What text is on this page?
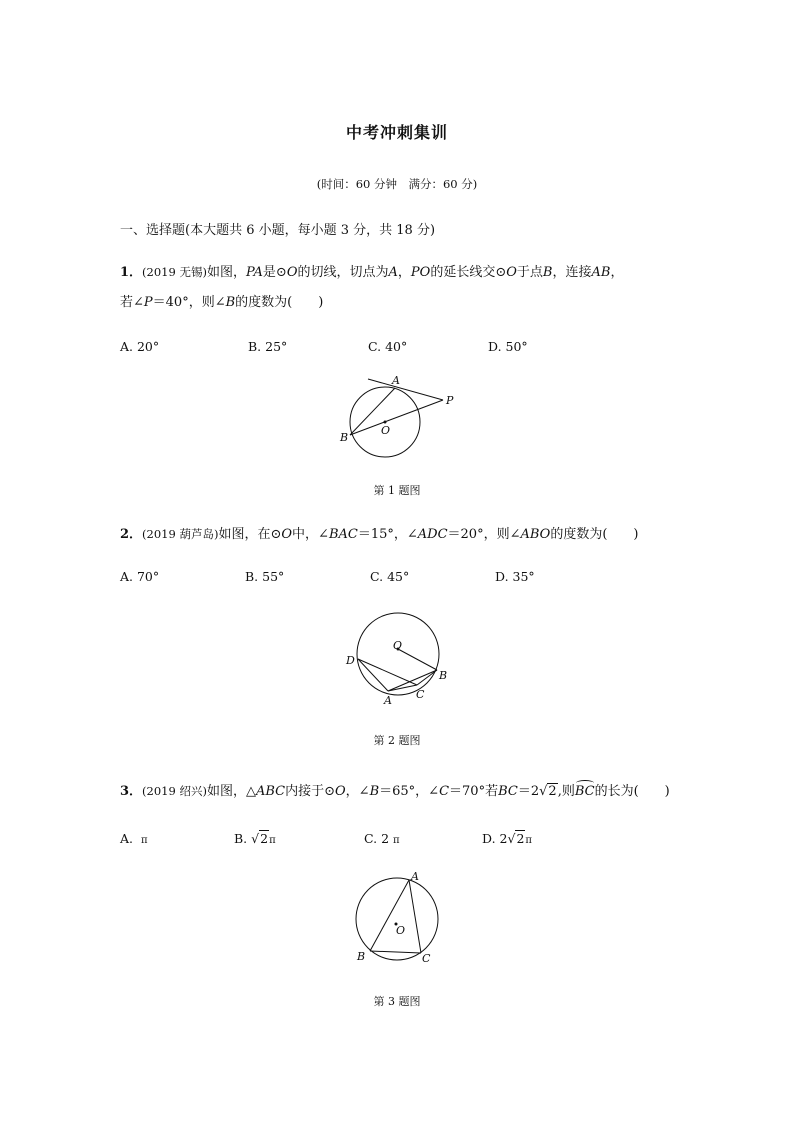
中考冲刺集训
(时间：60 分钟　满分：60 分)
一、选择题(本大题共 6 小题，每小题 3 分，共 18 分)
1．(2019 无锡)如图，PA是⊙O的切线，切点为A，PO的延长线交⊙O于点B，连接AB，
若∠P＝40°，则∠B的度数为(　　)
A. 20°	B. 25°	C. 40°	D. 50°
A
P
O
B
第 1 题图
2．(2019 葫芦岛)如图，在⊙O中，∠BAC＝15°，∠ADC＝20°，则∠ABO的度数为(　　)
A. 70°	B. 55°	C. 45°	D. 35°
O
D
B
C
A
第 2 题图
3．(2019 绍兴)如图，△ABC内接于⊙O，∠B＝65°，∠C＝70°若BC＝2√2,则BC的长为(　　)
A. π	B. √2π	C. 2 π	D. 2√2π
A
O
B	C
第 3 题图
